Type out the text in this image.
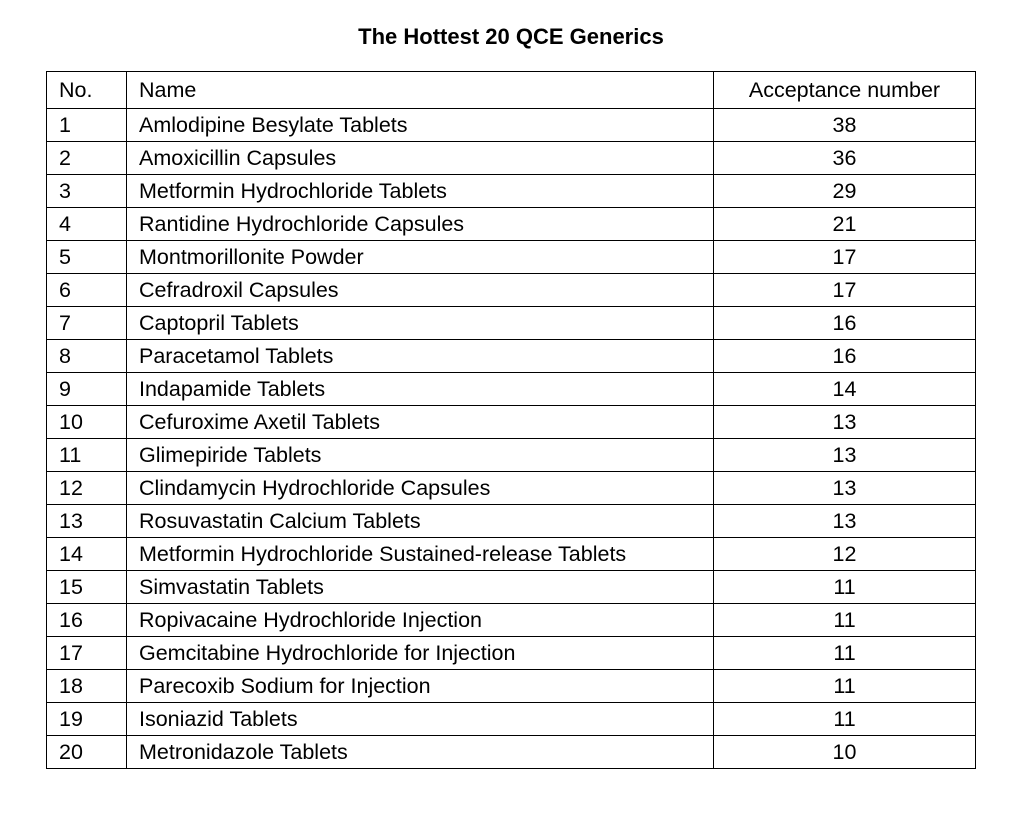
The Hottest 20 QCE Generics
No.	Name	Acceptance number
1	Amlodipine Besylate Tablets	38
2	Amoxicillin Capsules	36
3	Metformin Hydrochloride Tablets	29
4	Rantidine Hydrochloride Capsules	21
5	Montmorillonite Powder	17
6	Cefradroxil Capsules	17
7	Captopril Tablets	16
8	Paracetamol Tablets	16
9	Indapamide Tablets	14
10	Cefuroxime Axetil Tablets	13
11	Glimepiride Tablets	13
12	Clindamycin Hydrochloride Capsules	13
13	Rosuvastatin Calcium Tablets	13
14	Metformin Hydrochloride Sustained-release Tablets	12
15	Simvastatin Tablets	11
16	Ropivacaine Hydrochloride Injection	11
17	Gemcitabine Hydrochloride for Injection	11
18	Parecoxib Sodium for Injection	11
19	Isoniazid Tablets	11
20	Metronidazole Tablets	10
